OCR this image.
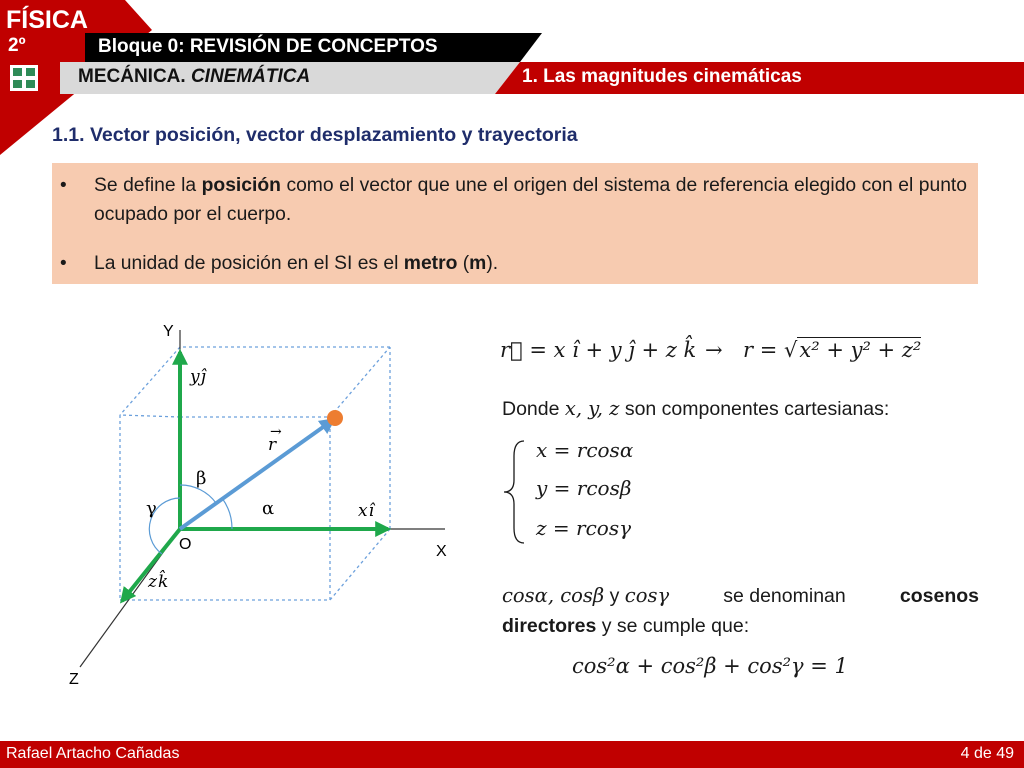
FÍSICA
2º	Bloque 0: REVISIÓN DE CONCEPTOS
MECÁNICA. CINEMÁTICA	1. Las magnitudes cinemáticas
1.1. Vector posición, vector desplazamiento y trayectoria
• Se define la posición como el vector que une el origen del sistema de referencia elegido con el punto ocupado por el cuerpo.
• La unidad de posición en el SI es el metro (m).
Y
X
Z
O
yĵ
xî
zk̂
r
→
α
β
γ
r⃗ = x î + y ĵ + z k̂ → r = √x² + y² + z²
Donde x, y, z son componentes cartesianas:
x = rcosα
y = rcosβ
z = rcosγ
cosα, cosβ y cosγ	se denominan	cosenos
directores y se cumple que:
cos²α + cos²β + cos²γ = 1
Rafael Artacho Cañadas	4 de 49
